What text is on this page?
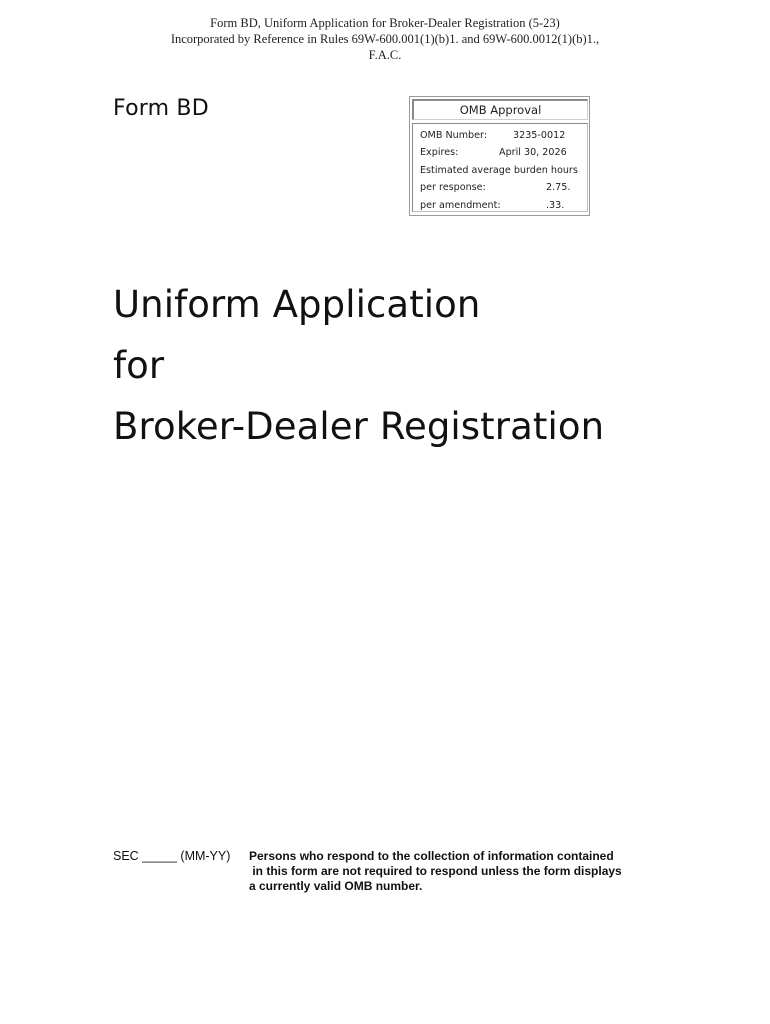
Form BD, Uniform Application for Broker-Dealer Registration (5-23)
Incorporated by Reference in Rules 69W-600.001(1)(b)1. and 69W-600.0012(1)(b)1.,
F.A.C.
Form BD	OMB Approval
OMB Number:	3235-0012
Expires:	April 30, 2026
Estimated average burden hours
per response:	2.75.
per amendment:	.33.
Uniform Application
for
Broker-Dealer Registration
SEC _____ (MM-YY) Persons who respond to the collection of information contained
in this form are not required to respond unless the form displays
a currently valid OMB number.
